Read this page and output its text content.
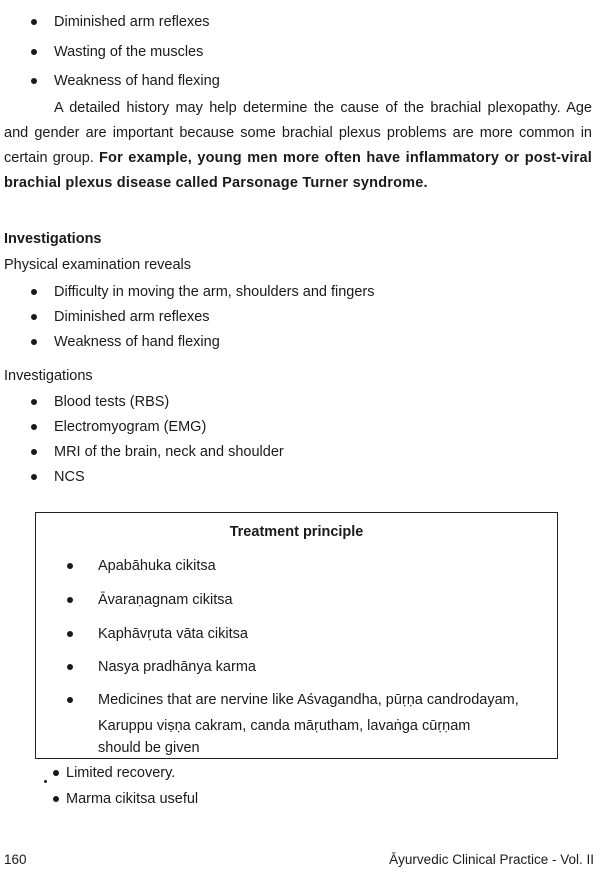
Diminished arm reflexes
Wasting of the muscles
Weakness of hand flexing
A detailed history may help determine the cause of the brachial plexopathy. Age and gender are important because some brachial plexus problems are more common in certain group. For example, young men more often have inflammatory or post-viral brachial plexus disease called Parsonage Turner syndrome.
Investigations
Physical examination reveals
Difficulty in moving the arm, shoulders and fingers
Diminished arm reflexes
Weakness of hand flexing
Investigations
Blood tests (RBS)
Electromyogram (EMG)
MRI of the brain, neck and shoulder
NCS
Treatment principle
Apabāhuka cikitsa
Āvaraṇagnam cikitsa
Kaphāvṛuta vāta cikitsa
Nasya pradhānya karma
Medicines that are nervine like Aśvagandha, pūṛṇa candrodayam,
Karuppu viṣṇa cakram, canda māṛutham, lavaṅga cūṛṇam
should be given
Limited recovery.
Marma cikitsa useful
160	Āyurvedic Clinical Practice - Vol. II
